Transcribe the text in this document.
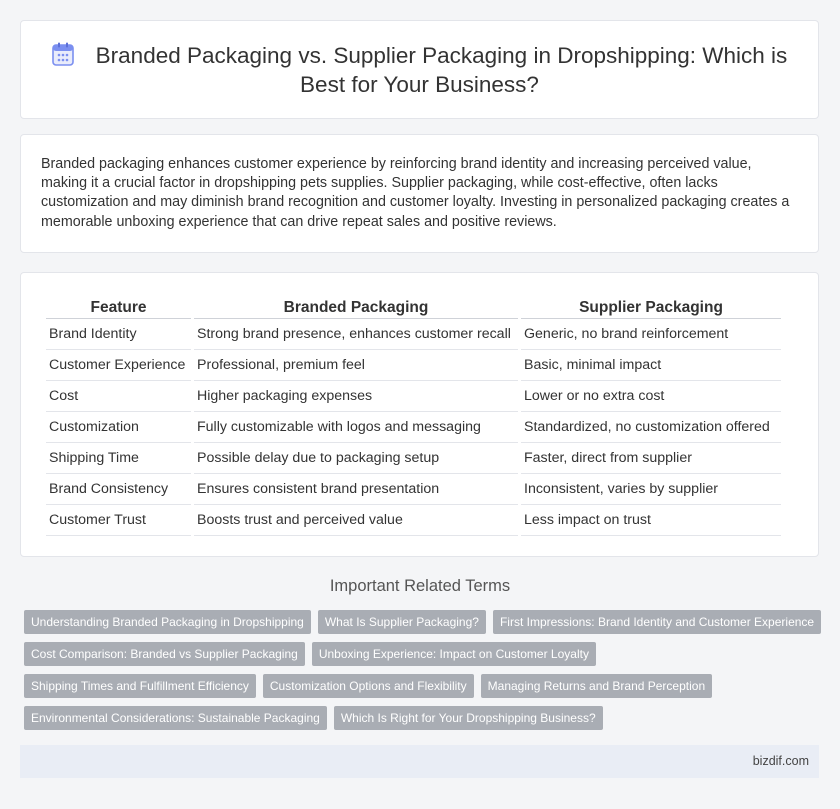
Branded Packaging vs. Supplier Packaging in Dropshipping: Which is Best for Your Business?

Branded packaging enhances customer experience by reinforcing brand identity and increasing perceived value, making it a crucial factor in dropshipping pets supplies. Supplier packaging, while cost-effective, often lacks customization and may diminish brand recognition and customer loyalty. Investing in personalized packaging creates a memorable unboxing experience that can drive repeat sales and positive reviews.

Feature	Branded Packaging	Supplier Packaging
Brand Identity	Strong brand presence, enhances customer recall	Generic, no brand reinforcement
Customer Experience	Professional, premium feel	Basic, minimal impact
Cost	Higher packaging expenses	Lower or no extra cost
Customization	Fully customizable with logos and messaging	Standardized, no customization offered
Shipping Time	Possible delay due to packaging setup	Faster, direct from supplier
Brand Consistency	Ensures consistent brand presentation	Inconsistent, varies by supplier
Customer Trust	Boosts trust and perceived value	Less impact on trust
Important Related Terms
Understanding Branded Packaging in Dropshipping	What Is Supplier Packaging?	First Impressions: Brand Identity and Customer Experience
Cost Comparison: Branded vs Supplier Packaging	Unboxing Experience: Impact on Customer Loyalty
Shipping Times and Fulfillment Efficiency	Customization Options and Flexibility	Managing Returns and Brand Perception
Environmental Considerations: Sustainable Packaging	Which Is Right for Your Dropshipping Business?
bizdif.com
